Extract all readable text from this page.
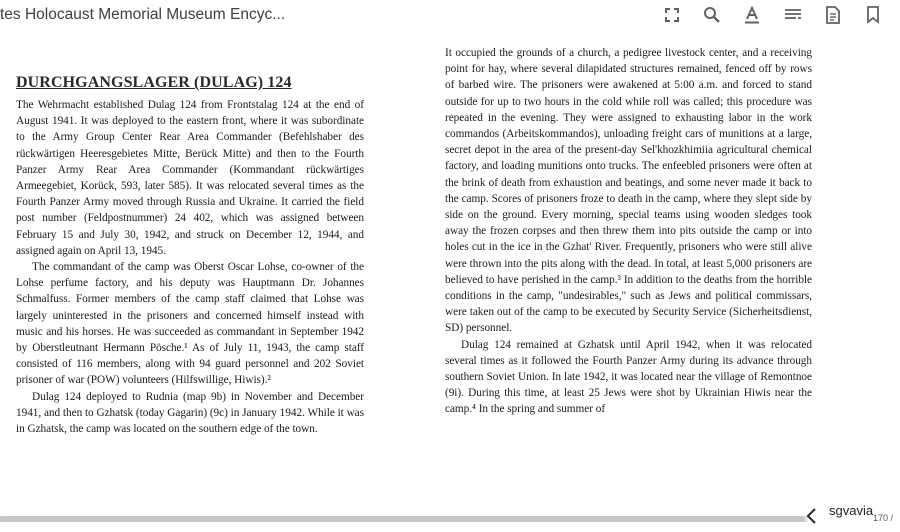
tes Holocaust Memorial Museum Encyc...
DURCHGANGSLAGER (DULAG) 124

The Wehrmacht established Dulag 124 from Frontstalag 124 at the end of August 1941. It was deployed to the eastern front, where it was subordinate to the Army Group Center Rear Area Commander (Befehlshaber des rückwärtigen Heeresgebietes Mitte, Berück Mitte) and then to the Fourth Panzer Army Rear Area Commander (Kommandant rückwärtiges Armeegebiet, Korück, 593, later 585). It was relocated several times as the Fourth Panzer Army moved through Russia and Ukraine. It carried the field post number (Feldpostnummer) 24 402, which was assigned between February 15 and July 30, 1942, and struck on December 12, 1944, and assigned again on April 13, 1945.

The commandant of the camp was Oberst Oscar Lohse, co-owner of the Lohse perfume factory, and his deputy was Hauptmann Dr. Johannes Schmalfuss. Former members of the camp staff claimed that Lohse was largely uninterested in the prisoners and concerned himself instead with music and his horses. He was succeeded as commandant in September 1942 by Oberstleutnant Hermann Pösche.¹ As of July 11, 1943, the camp staff consisted of 116 members, along with 94 guard personnel and 202 Soviet prisoner of war (POW) volunteers (Hilfswillige, Hiwis).²

Dulag 124 deployed to Rudnia (map 9b) in November and December 1941, and then to Gzhatsk (today Gagarin) (9c) in January 1942. While it was in Gzhatsk, the camp was located on the southern edge of the town.

It occupied the grounds of a church, a pedigree livestock center, and a receiving point for hay, where several dilapidated structures remained, fenced off by rows of barbed wire. The prisoners were awakened at 5:00 a.m. and forced to stand outside for up to two hours in the cold while roll was called; this procedure was repeated in the evening. They were assigned to exhausting labor in the work commandos (Arbeitskommandos), unloading freight cars of munitions at a large, secret depot in the area of the present-day Sel'khozkhimiia agricultural chemical factory, and loading munitions onto trucks. The enfeebled prisoners were often at the brink of death from exhaustion and beatings, and some never made it back to the camp. Scores of prisoners froze to death in the camp, where they slept side by side on the ground. Every morning, special teams using wooden sledges took away the frozen corpses and then threw them into pits outside the camp or into holes cut in the ice in the Gzhat' River. Frequently, prisoners who were still alive were thrown into the pits along with the dead. In total, at least 5,000 prisoners are believed to have perished in the camp.³ In addition to the deaths from the horrible conditions in the camp, "undesirables," such as Jews and political commissars, were taken out of the camp to be executed by Security Service (Sicherheitsdienst, SD) personnel.

Dulag 124 remained at Gzhatsk until April 1942, when it was relocated several times as it followed the Fourth Panzer Army during its advance through southern Soviet Union. In late 1942, it was located near the village of Remontnoe (9i). During this time, at least 25 Jews were shot by Ukrainian Hiwis near the camp.⁴ In the spring and summer of

sgvavia 170 /
